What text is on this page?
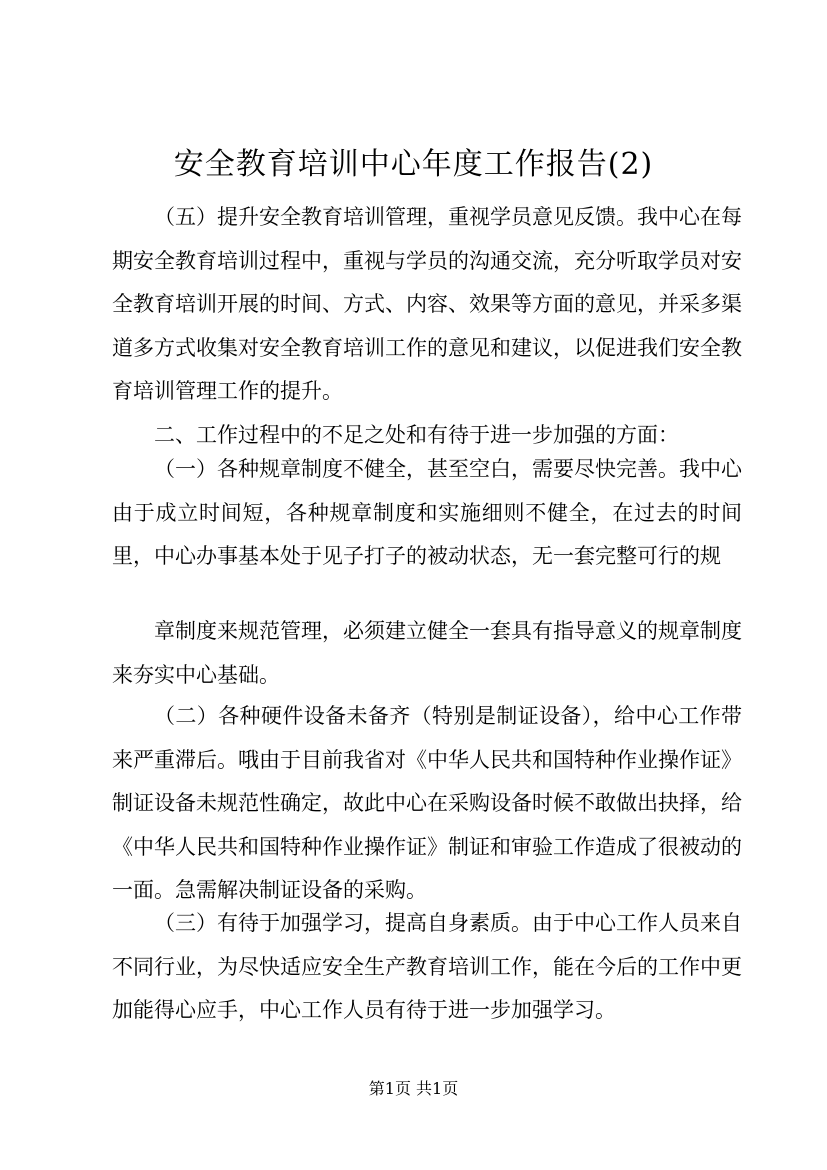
安全教育培训中心年度工作报告(2)

（五）提升安全教育培训管理，重视学员意见反馈。我中心在每期安全教育培训过程中，重视与学员的沟通交流，充分听取学员对安全教育培训开展的时间、方式、内容、效果等方面的意见，并采多渠道多方式收集对安全教育培训工作的意见和建议，以促进我们安全教育培训管理工作的提升。

二、工作过程中的不足之处和有待于进一步加强的方面：

（一）各种规章制度不健全，甚至空白，需要尽快完善。我中心由于成立时间短，各种规章制度和实施细则不健全，在过去的时间里，中心办事基本处于见子打子的被动状态，无一套完整可行的规

章制度来规范管理，必须建立健全一套具有指导意义的规章制度来夯实中心基础。

（二）各种硬件设备未备齐（特别是制证设备），给中心工作带来严重滞后。哦由于目前我省对《中华人民共和国特种作业操作证》制证设备未规范性确定，故此中心在采购设备时候不敢做出抉择，给《中华人民共和国特种作业操作证》制证和审验工作造成了很被动的一面。急需解决制证设备的采购。

（三）有待于加强学习，提高自身素质。由于中心工作人员来自不同行业，为尽快适应安全生产教育培训工作，能在今后的工作中更加能得心应手，中心工作人员有待于进一步加强学习。

第1页 共1页
